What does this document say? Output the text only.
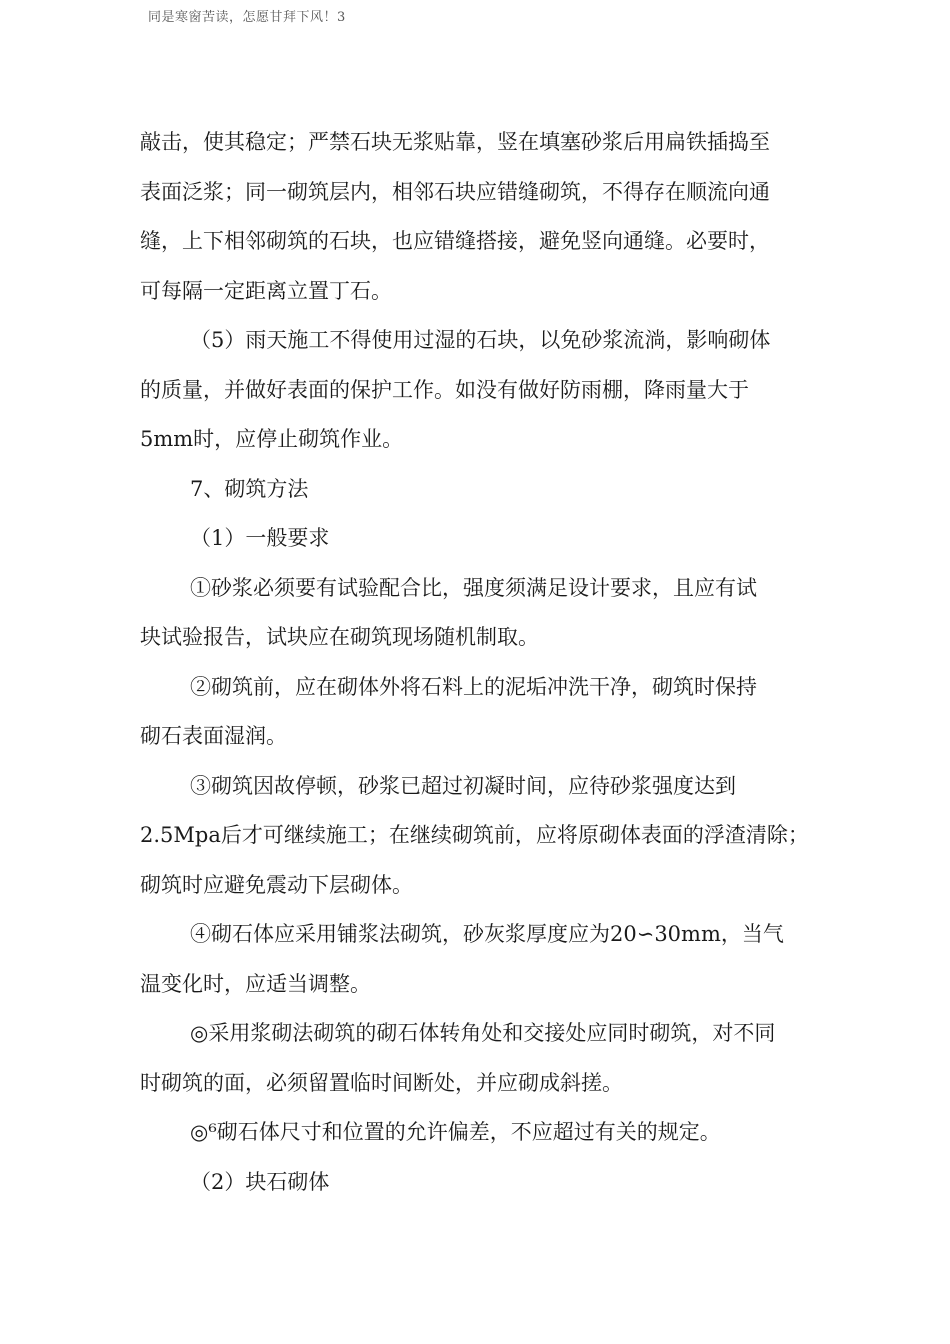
同是寒窗苦读，怎愿甘拜下风！3

敲击，使其稳定；严禁石块无浆贴靠，竖在填塞砂浆后用扁铁插捣至
表面泛浆；同一砌筑层内，相邻石块应错缝砌筑，不得存在顺流向通
缝，上下相邻砌筑的石块，也应错缝搭接，避免竖向通缝。必要时，
可每隔一定距离立置丁石。

（5）雨天施工不得使用过湿的石块，以免砂浆流淌，影响砌体
的质量，并做好表面的保护工作。如没有做好防雨棚，降雨量大于
5mm时，应停止砌筑作业。

7、砌筑方法

（1）一般要求

①砂浆必须要有试验配合比，强度须满足设计要求，且应有试
块试验报告，试块应在砌筑现场随机制取。

②砌筑前，应在砌体外将石料上的泥垢冲洗干净，砌筑时保持
砌石表面湿润。

③砌筑因故停顿，砂浆已超过初凝时间，应待砂浆强度达到
2.5Mpa后才可继续施工；在继续砌筑前，应将原砌体表面的浮渣清除；
砌筑时应避免震动下层砌体。

④砌石体应采用铺浆法砌筑，砂灰浆厚度应为20∽30mm，当气
温变化时，应适当调整。

◎采用浆砌法砌筑的砌石体转角处和交接处应同时砌筑，对不同
时砌筑的面，必须留置临时间断处，并应砌成斜搓。

◎⁶砌石体尺寸和位置的允许偏差，不应超过有关的规定。

（2）块石砌体
